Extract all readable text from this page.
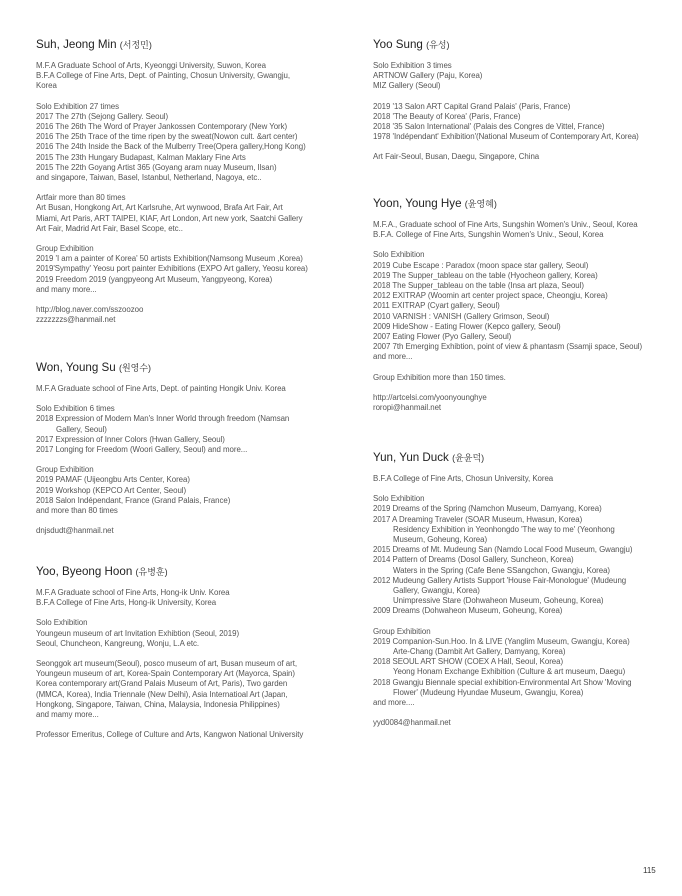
Suh, Jeong Min (서정민)
M.F.A Graduate School of Arts, Kyeonggi University, Suwon, Korea
B.F.A College of Fine Arts, Dept. of Painting, Chosun University, Gwangju,
Korea
Solo Exhibition 27 times
2017 The 27th (Sejong Gallery. Seoul)
2016 The 26th The Word of Prayer Jankossen Contemporary (New York)
2016 The 25th Trace of the time ripen by the sweat(Nowon cult. &art center)
2016 The 24th Inside the Back of the Mulberry Tree(Opera gallery,Hong Kong)
2015 The 23th Hungary Budapast, Kalman Maklary Fine Arts
2015 The 22th Goyang Artist 365 (Goyang aram nuay Museum, Ilsan)
and singapore, Taiwan, Basel, Istanbul, Netherland, Nagoya, etc..
Artfair more than 80 times
Art Busan, Hongkong Art, Art Karlsruhe, Art wynwood, Brafa Art Fair, Art
Miami, Art Paris, ART TAIPEI, KIAF, Art London, Art new york, Saatchi Gallery
Art Fair, Madrid Art Fair, Basel Scope, etc..
Group Exhibition
2019 'I am a painter of Korea' 50 artists Exhibition(Namsong Museum ,Korea)
2019'Sympathy' Yeosu port painter Exhibitions (EXPO Art gallery, Yeosu korea)
2019 Freedom 2019 (yangpyeong Art Museum, Yangpyeong, Korea)
and many more...
http://blog.naver.com/sszoozoo
zzzzzzzs@hanmail.net
Won, Young Su (원영수)
M.F.A Graduate school of Fine Arts, Dept. of painting Hongik Univ. Korea
Solo Exhibition 6 times
2018 Expression of Modern Man's Inner World through freedom (Namsan
Gallery, Seoul)
2017 Expression of Inner Colors (Hwan Gallery, Seoul)
2017 Longing for Freedom (Woori Gallery, Seoul) and more...
Group Exhibition
2019 PAMAF (Uijeongbu Arts Center, Korea)
2019 Workshop (KEPCO Art Center, Seoul)
2018 Salon Indépendant, France (Grand Palais, France)
and more than 80 times
dnjsdudt@hanmail.net
Yoo, Byeong Hoon (유병훈)
M.F.A Graduate school of Fine Arts, Hong-ik Univ. Korea
B.F.A College of Fine Arts, Hong-ik University, Korea
Solo Exhibition
Youngeun museum of art Invitation Exhibtion (Seoul, 2019)
Seoul, Chuncheon, Kangreung, Wonju, L.A etc.
Seonggok art museum(Seoul), posco museum of art, Busan museum of art,
Youngeun museum of art, Korea-Spain Contemporary Art (Mayorca, Spain)
Korea contemporary art(Grand Palais Museum of Art, Paris), Two garden
(MMCA, Korea), India Triennale (New Delhi), Asia Internatioal Art (Japan,
Hongkong, Singapore, Taiwan, China, Malaysia, Indonesia Philippines)
and mamy more...
Professor Emeritus, College of Culture and Arts, Kangwon National University
Yoo Sung (유성)
Solo Exhibition 3 times
ARTNOW Gallery (Paju, Korea)
MIZ Gallery (Seoul)
2019 '13 Salon ART Capital Grand Palais' (Paris, France)
2018 'The Beauty of Korea' (Paris, France)
2018 '35 Salon International' (Palais des Congres de Vittel, France)
1978 'Indépendant' Exhibition'(National Museum of Contemporary Art, Korea)
Art Fair-Seoul, Busan, Daegu, Singapore, China
Yoon, Young Hye (윤영혜)
M.F.A., Graduate school of Fine Arts, Sungshin Women's Univ., Seoul, Korea
B.F.A. College of Fine Arts, Sungshin Women's Univ., Seoul, Korea
Solo Exhibition
2019 Cube Escape : Paradox (moon space star gallery, Seoul)
2019 The Supper_tableau on the table (Hyocheon gallery, Korea)
2018 The Supper_tableau on the table (Insa art plaza, Seoul)
2012 EXITRAP (Woomin art center project space, Cheongju, Korea)
2011 EXITRAP (Cyart gallery, Seoul)
2010 VARNISH : VANISH (Gallery Grimson, Seoul)
2009 HideShow - Eating Flower (Kepco gallery, Seoul)
2007 Eating Flower (Pyo Gallery, Seoul)
2007 7th Emerging Exhibtion, point of view & phantasm (Ssamji space, Seoul)
and more...
Group Exhibition more than 150 times.
http://artcelsi.com/yoonyounghye
roropi@hanmail.net
Yun, Yun Duck (윤윤덕)
B.F.A College of Fine Arts, Chosun University, Korea
Solo Exhibition
2019 Dreams of the Spring (Namchon Museum, Damyang, Korea)
2017 A Dreaming Traveler (SOAR Museum, Hwasun, Korea)
Residency Exhibition in Yeonhongdo 'The way to me' (Yeonhong
Museum, Goheung, Korea)
2015 Dreams of Mt. Mudeung San (Namdo Local Food Museum, Gwangju)
2014 Pattern of Dreams (Dosol Gallery, Suncheon, Korea)
Waters in the Spring (Cafe Bene SSangchon, Gwangju, Korea)
2012 Mudeung Gallery Artists Support 'House Fair-Monologue' (Mudeung
Gallery, Gwangju, Korea)
Unimpressive Stare (Dohwaheon Museum, Goheung, Korea)
2009 Dreams (Dohwaheon Museum, Goheung, Korea)
Group Exhibition
2019 Companion-Sun.Hoo. In & LIVE (Yanglim Museum, Gwangju, Korea)
Arte-Chang (Dambit Art Gallery, Damyang, Korea)
2018 SEOUL ART SHOW (COEX A Hall, Seoul, Korea)
Yeong Honam Exchange Exhibition (Culture & art museum, Daegu)
2018 Gwangju Biennale special exhibition-Environmental Art Show 'Moving
Flower' (Mudeung Hyundae Museum, Gwangju, Korea)
and more....
yyd0084@hanmail.net
115
